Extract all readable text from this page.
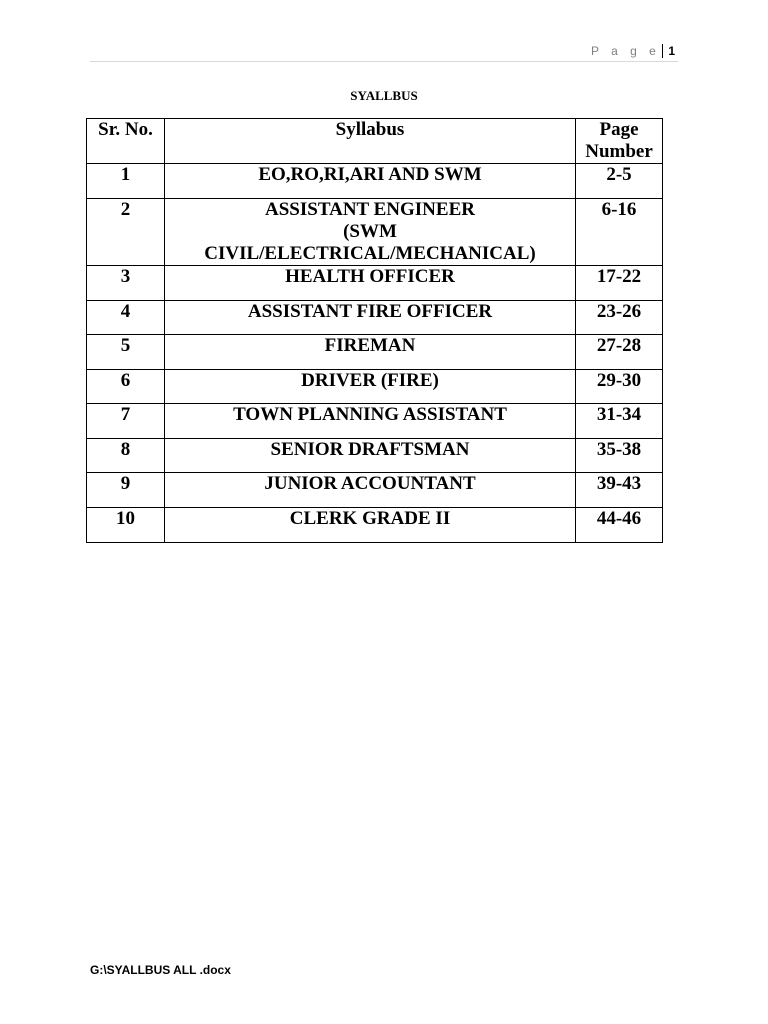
P a g e 1
SYALLBUS
Sr. No.	Syllabus	Page
Number
1	EO,RO,RI,ARI AND SWM	2-5
2	ASSISTANT ENGINEER
(SWM
CIVIL/ELECTRICAL/MECHANICAL)	6-16
3	HEALTH OFFICER	17-22
4	ASSISTANT FIRE OFFICER	23-26
5	FIREMAN	27-28
6	DRIVER (FIRE)	29-30
7	TOWN PLANNING ASSISTANT	31-34
8	SENIOR DRAFTSMAN	35-38
9	JUNIOR ACCOUNTANT	39-43
10	CLERK GRADE II	44-46
G:\SYALLBUS ALL .docx
